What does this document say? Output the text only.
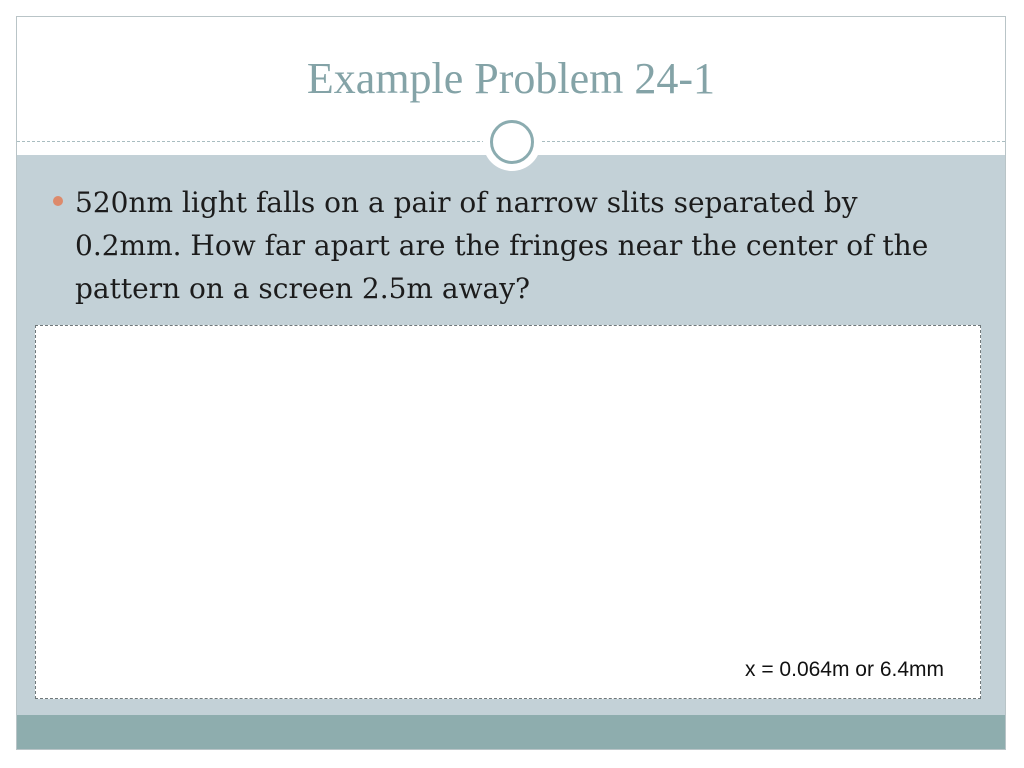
Example Problem 24-1
520nm light falls on a pair of narrow slits separated by 0.2mm. How far apart are the fringes near the center of the pattern on a screen 2.5m away?
x = 0.064m or 6.4mm
